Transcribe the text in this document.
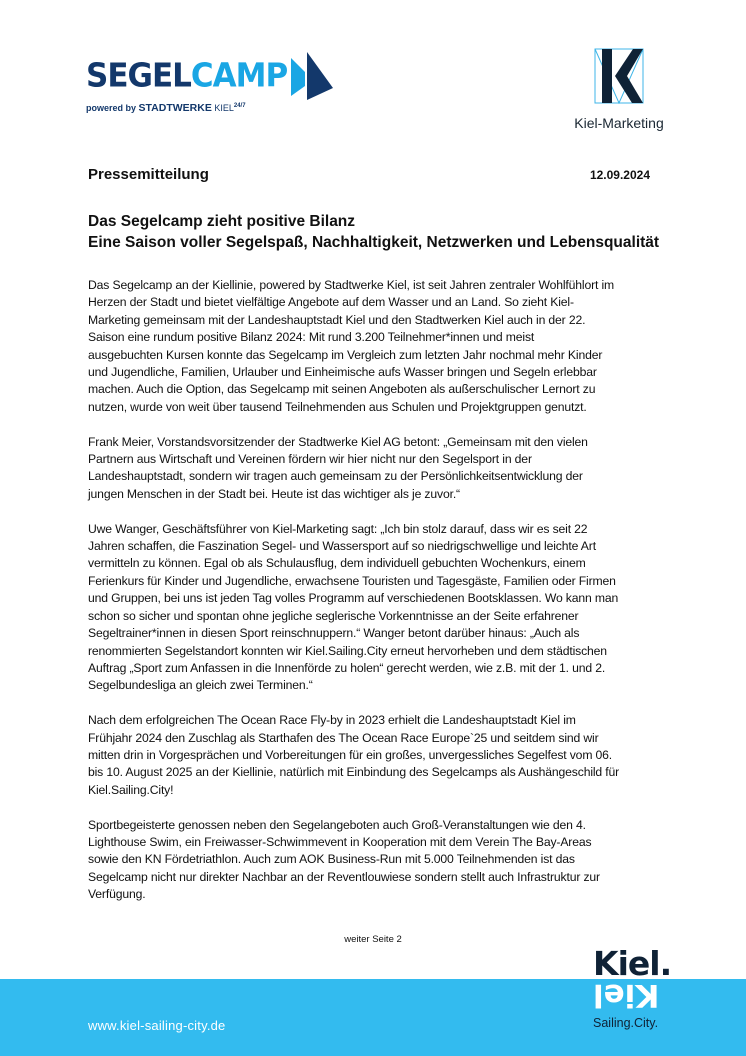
SEGELCAMP
powered by STADTWERKE $KIEL^{24/7}$
Kiel-Marketing
Pressemitteilung	12.09.2024
Das Segelcamp zieht positive Bilanz
Eine Saison voller Segelspaß, Nachhaltigkeit, Netzwerken und Lebensqualität

Das Segelcamp an der Kiellinie, powered by Stadtwerke Kiel, ist seit Jahren zentraler Wohlfühlort im
Herzen der Stadt und bietet vielfältige Angebote auf dem Wasser und an Land. So zieht Kiel-
Marketing gemeinsam mit der Landeshauptstadt Kiel und den Stadtwerken Kiel auch in der 22.
Saison eine rundum positive Bilanz 2024: Mit rund 3.200 Teilnehmer*innen und meist
ausgebuchten Kursen konnte das Segelcamp im Vergleich zum letzten Jahr nochmal mehr Kinder
und Jugendliche, Familien, Urlauber und Einheimische aufs Wasser bringen und Segeln erlebbar
machen. Auch die Option, das Segelcamp mit seinen Angeboten als außerschulischer Lernort zu
nutzen, wurde von weit über tausend Teilnehmenden aus Schulen und Projektgruppen genutzt.

Frank Meier, Vorstandsvorsitzender der Stadtwerke Kiel AG betont: „Gemeinsam mit den vielen
Partnern aus Wirtschaft und Vereinen fördern wir hier nicht nur den Segelsport in der
Landeshauptstadt, sondern wir tragen auch gemeinsam zu der Persönlichkeitsentwicklung der
jungen Menschen in der Stadt bei. Heute ist das wichtiger als je zuvor.“

Uwe Wanger, Geschäftsführer von Kiel-Marketing sagt: „Ich bin stolz darauf, dass wir es seit 22
Jahren schaffen, die Faszination Segel- und Wassersport auf so niedrigschwellige und leichte Art
vermitteln zu können. Egal ob als Schulausflug, dem individuell gebuchten Wochenkurs, einem
Ferienkurs für Kinder und Jugendliche, erwachsene Touristen und Tagesgäste, Familien oder Firmen
und Gruppen, bei uns ist jeden Tag volles Programm auf verschiedenen Bootsklassen. Wo kann man
schon so sicher und spontan ohne jegliche seglerische Vorkenntnisse an der Seite erfahrener
Segeltrainer*innen in diesen Sport reinschnuppern.“ Wanger betont darüber hinaus: „Auch als
renommierten Segelstandort konnten wir Kiel.Sailing.City erneut hervorheben und dem städtischen
Auftrag „Sport zum Anfassen in die Innenförde zu holen“ gerecht werden, wie z.B. mit der 1. und 2.
Segelbundesliga an gleich zwei Terminen.“

Nach dem erfolgreichen The Ocean Race Fly-by in 2023 erhielt die Landeshauptstadt Kiel im
Frühjahr 2024 den Zuschlag als Starthafen des The Ocean Race Europe`25 und seitdem sind wir
mitten drin in Vorgesprächen und Vorbereitungen für ein großes, unvergessliches Segelfest vom 06.
bis 10. August 2025 an der Kiellinie, natürlich mit Einbindung des Segelcamps als Aushängeschild für
Kiel.Sailing.City!

Sportbegeisterte genossen neben den Segelangeboten auch Groß-Veranstaltungen wie den 4.
Lighthouse Swim, ein Freiwasser-Schwimmevent in Kooperation mit dem Verein The Bay-Areas
sowie den KN Fördetriathlon. Auch zum AOK Business-Run mit 5.000 Teilnehmenden ist das
Segelcamp nicht nur direkter Nachbar an der Reventlouwiese sondern stellt auch Infrastruktur zur
Verfügung.

weiter Seite 2
www.kiel-sailing-city.de
Kiel.
Kiel
Sailing.City.
